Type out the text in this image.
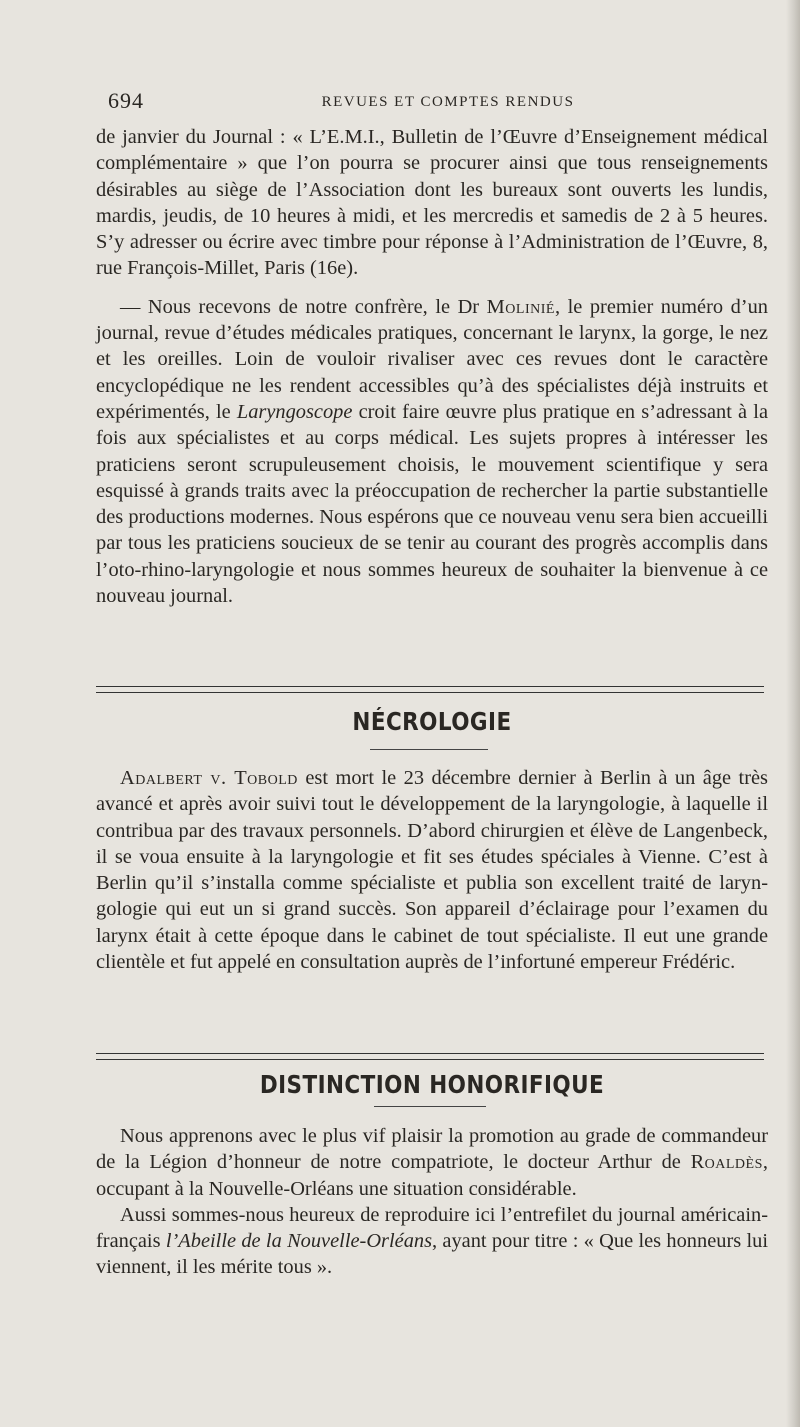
694	REVUES ET COMPTES RENDUS

de janvier du Journal : « L’E.M.I., Bulletin de l’Œuvre d’Enseignement médical complémentaire » que l’on pourra se procurer ainsi que tous renseignements désirables au siège de l’Association dont les bureaux sont ouverts les lundis, mardis, jeudis, de 10 heures à midi, et les mercredis et samedis de 2 à 5 heures. S’y adresser ou écrire avec timbre pour réponse à l’Administration de l’Œuvre, 8, rue François-Millet, Paris (16e).

— Nous recevons de notre confrère, le Dr Molinié, le premier numéro d’un journal, revue d’études médicales pratiques, concernant le larynx, la gorge, le nez et les oreilles. Loin de vouloir rivaliser avec ces revues dont le caractère encyclopédique ne les rendent accessibles qu’à des spécialistes déjà instruits et expérimentés, le Laryngoscope croit faire œuvre plus pratique en s’adressant à la fois aux spécialistes et au corps médical. Les sujets propres à intéresser les praticiens seront scrupuleusement choisis, le mouvement scientifique y sera esquissé à grands traits avec la préoccupation de rechercher la partie substantielle des productions modernes. Nous espérons que ce nouveau venu sera bien accueilli par tous les praticiens soucieux de se tenir au courant des progrès accomplis dans l’oto-rhino-laryngologie et nous sommes heureux de souhaiter la bienvenue à ce nouveau journal.

NÉCROLOGIE

Adalbert v. Tobold est mort le 23 décembre dernier à Berlin à un âge très avancé et après avoir suivi tout le développement de la laryngologie, à laquelle il contribua par des travaux personnels. D’abord chirurgien et élève de Langenbeck, il se voua ensuite à la laryngologie et fit ses études spéciales à Vienne. C’est à Berlin qu’il s’installa comme spécialiste et publia son excellent traité de laryngologie qui eut un si grand succès. Son appareil d’éclairage pour l’examen du larynx était à cette époque dans le cabinet de tout spécialiste. Il eut une grande clientèle et fut appelé en consultation auprès de l’infortuné empereur Frédéric.

DISTINCTION HONORIFIQUE

Nous apprenons avec le plus vif plaisir la promotion au grade de commandeur de la Légion d’honneur de notre compatriote, le docteur Arthur de Roaldès, occupant à la Nouvelle-Orléans une situation considérable.

Aussi sommes-nous heureux de reproduire ici l’entrefilet du journal américain-français l’Abeille de la Nouvelle-Orléans, ayant pour titre : « Que les honneurs lui viennent, il les mérite tous ».
